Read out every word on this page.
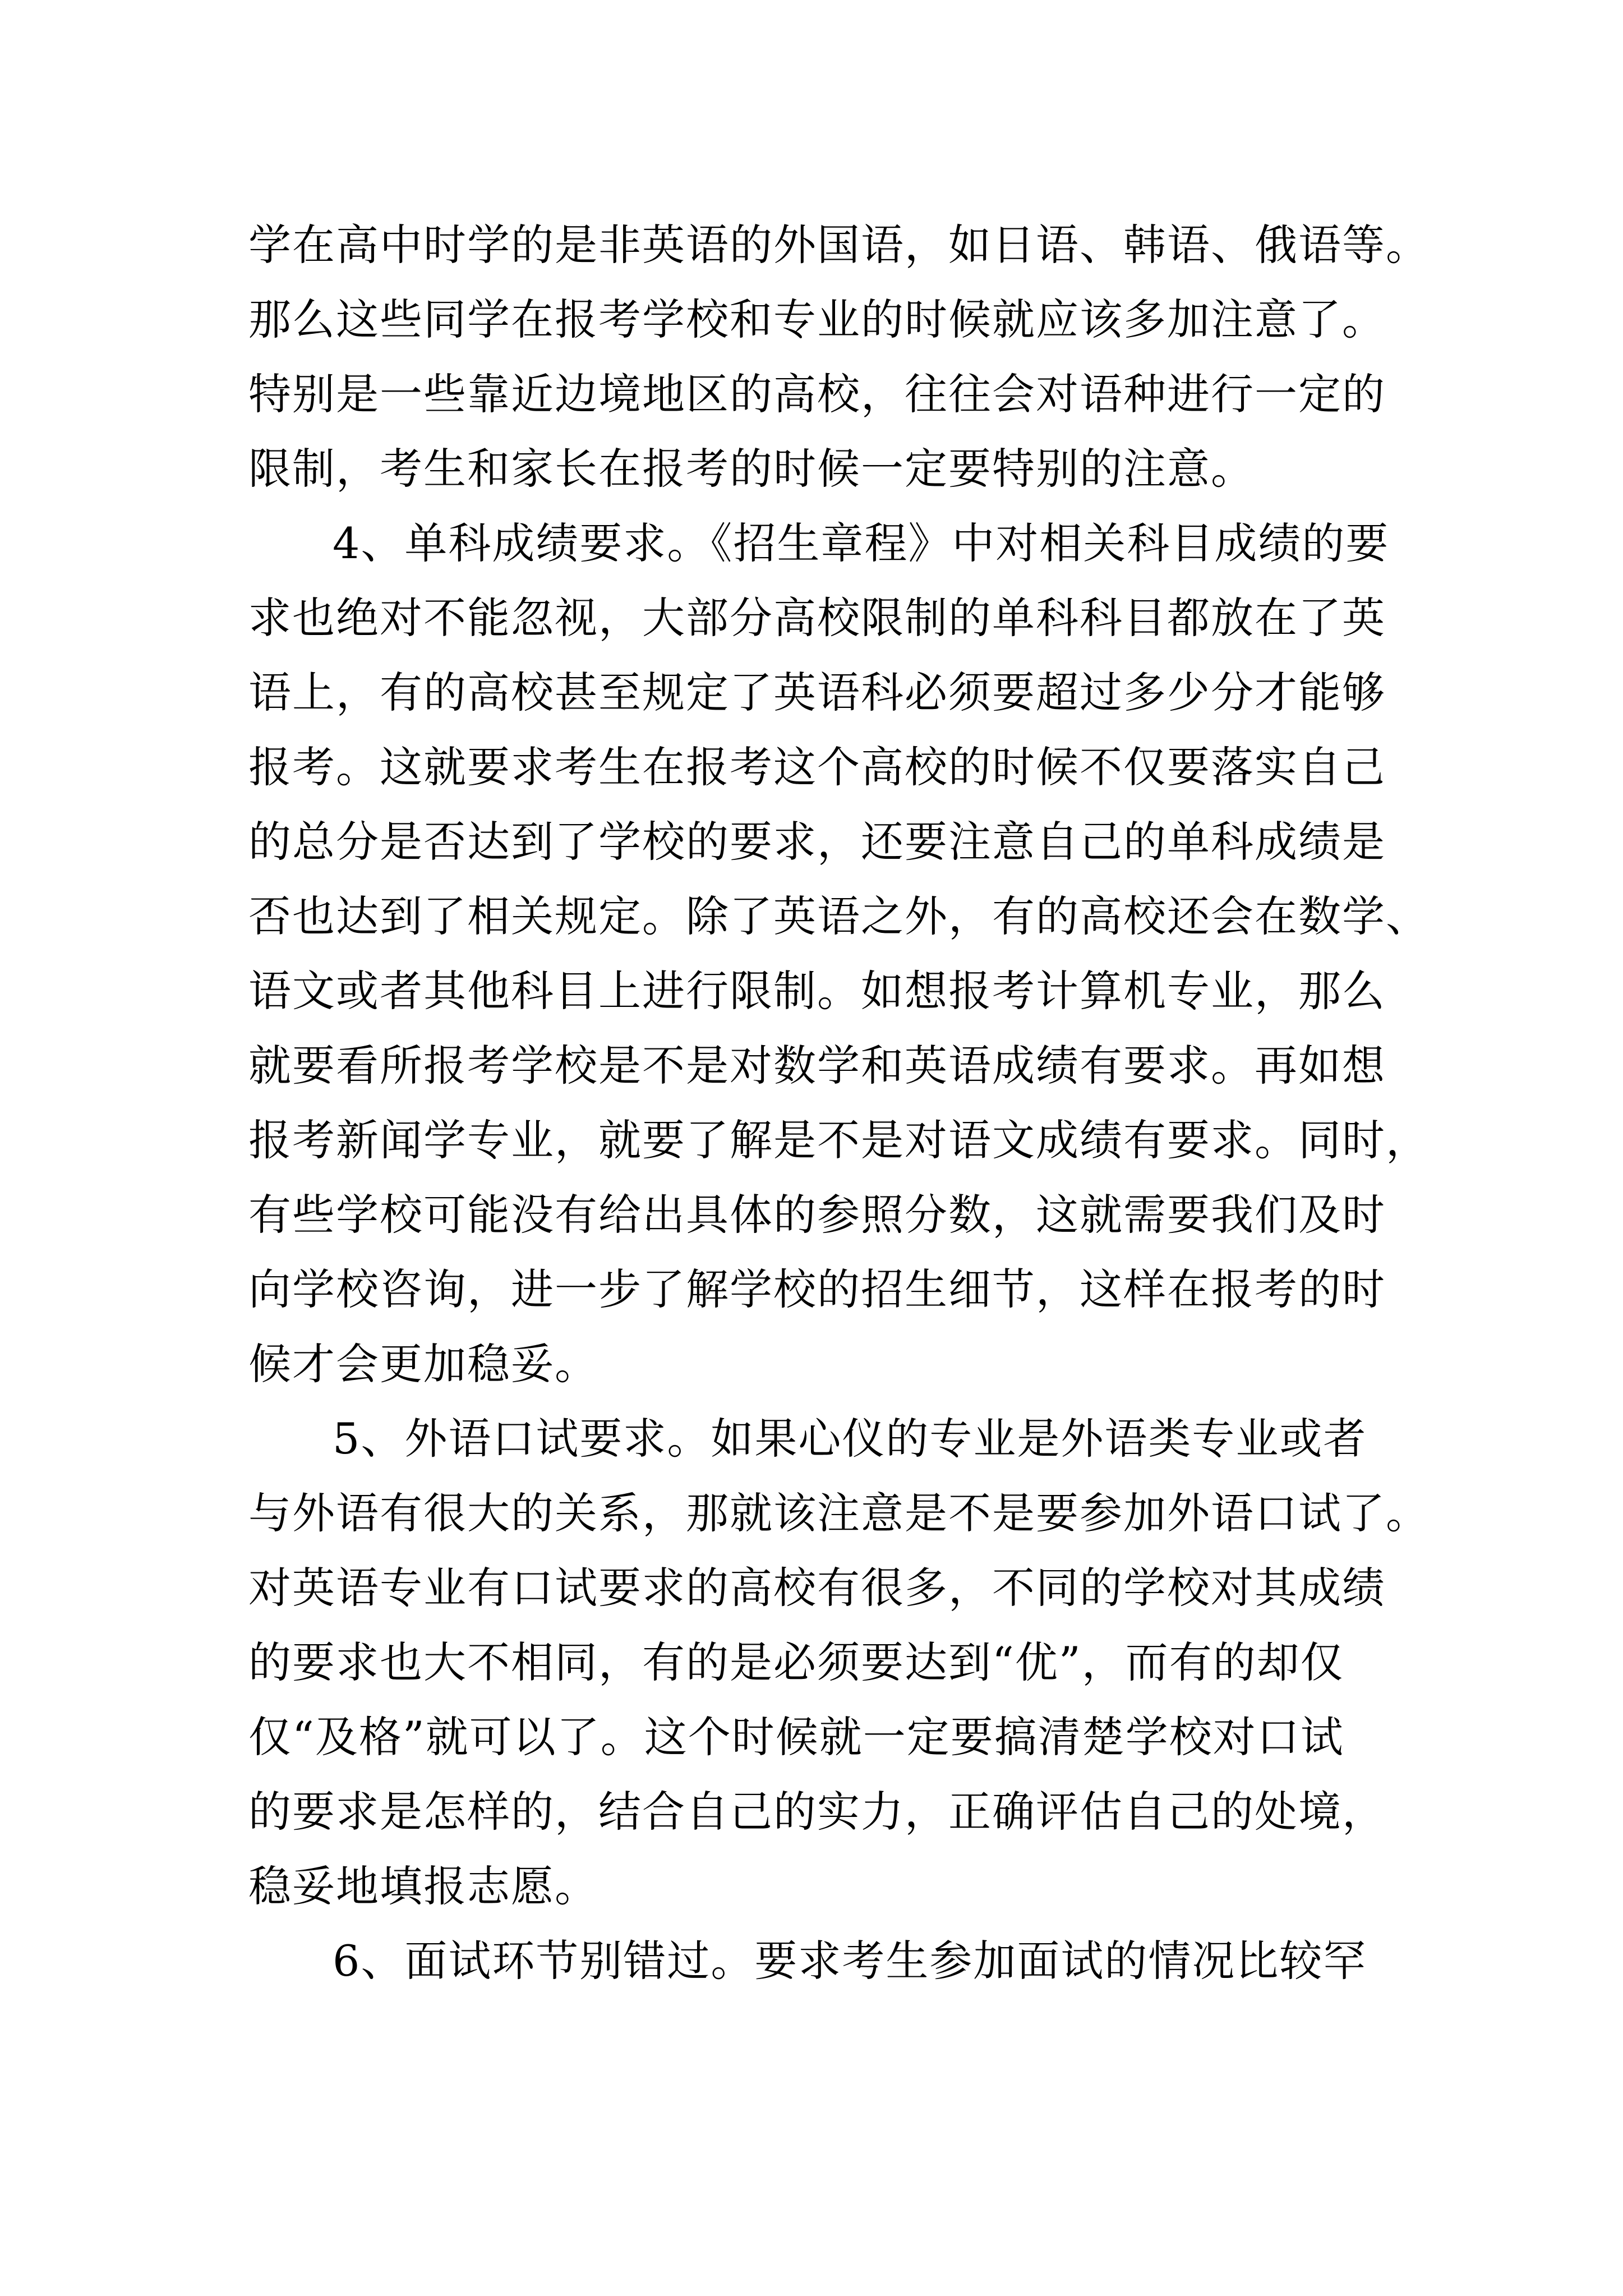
学在高中时学的是非英语的外国语，如日语、韩语、俄语等。
那么这些同学在报考学校和专业的时候就应该多加注意了。
特别是一些靠近边境地区的高校，往往会对语种进行一定的
限制，考生和家长在报考的时候一定要特别的注意。
4、单科成绩要求。《招生章程》中对相关科目成绩的要
求也绝对不能忽视，大部分高校限制的单科科目都放在了英
语上，有的高校甚至规定了英语科必须要超过多少分才能够
报考。这就要求考生在报考这个高校的时候不仅要落实自己
的总分是否达到了学校的要求，还要注意自己的单科成绩是
否也达到了相关规定。除了英语之外，有的高校还会在数学、
语文或者其他科目上进行限制。如想报考计算机专业，那么
就要看所报考学校是不是对数学和英语成绩有要求。再如想
报考新闻学专业，就要了解是不是对语文成绩有要求。同时，
有些学校可能没有给出具体的参照分数，这就需要我们及时
向学校咨询，进一步了解学校的招生细节，这样在报考的时
候才会更加稳妥。
5、外语口试要求。如果心仪的专业是外语类专业或者
与外语有很大的关系，那就该注意是不是要参加外语口试了。
对英语专业有口试要求的高校有很多，不同的学校对其成绩
的要求也大不相同，有的是必须要达到“优”，而有的却仅
仅“及格”就可以了。这个时候就一定要搞清楚学校对口试
的要求是怎样的，结合自己的实力，正确评估自己的处境，
稳妥地填报志愿。
6、面试环节别错过。要求考生参加面试的情况比较罕
